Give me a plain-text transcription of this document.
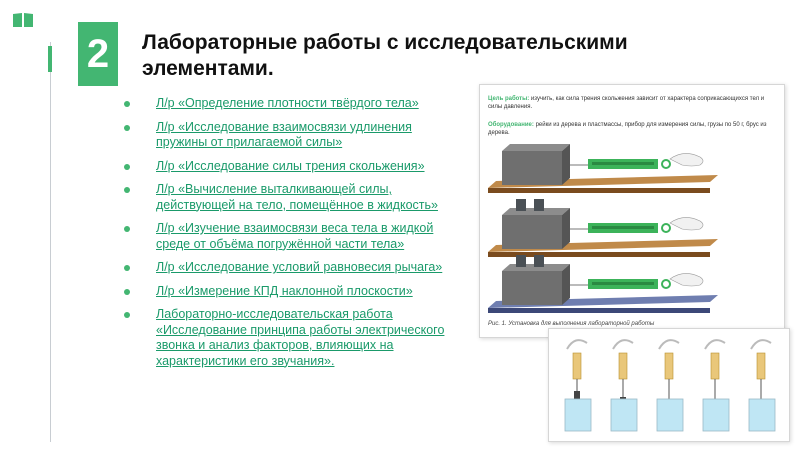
2	Лабораторные работы с исследовательскими элементами.
Л/р «Определение плотности твёрдого тела»
Л/р «Исследование взаимосвязи удлинения пружины от прилагаемой силы»
Л/р «Исследование силы трения скольжения»
Л/р «Вычисление выталкивающей силы, действующей на тело, помещённое в жидкость»
Л/р «Изучение взаимосвязи веса тела в жидкой среде от объёма погружённой части тела»
Л/р «Исследование условий равновесия рычага»
Л/р «Измерение КПД наклонной плоскости»
Лабораторно-исследовательская работа «Исследование принципа работы электрического звонка и анализ факторов, влияющих на характеристики его звучания».
Цель работы: изучить, как сила трения скольжения зависит от характера соприкасающихся тел и силы давления.
Оборудование: рейки из дерева и пластмассы, прибор для измерения силы, грузы по 50 г, брус из дерева.
Рис. 1. Установка для выполнения лабораторной работы
